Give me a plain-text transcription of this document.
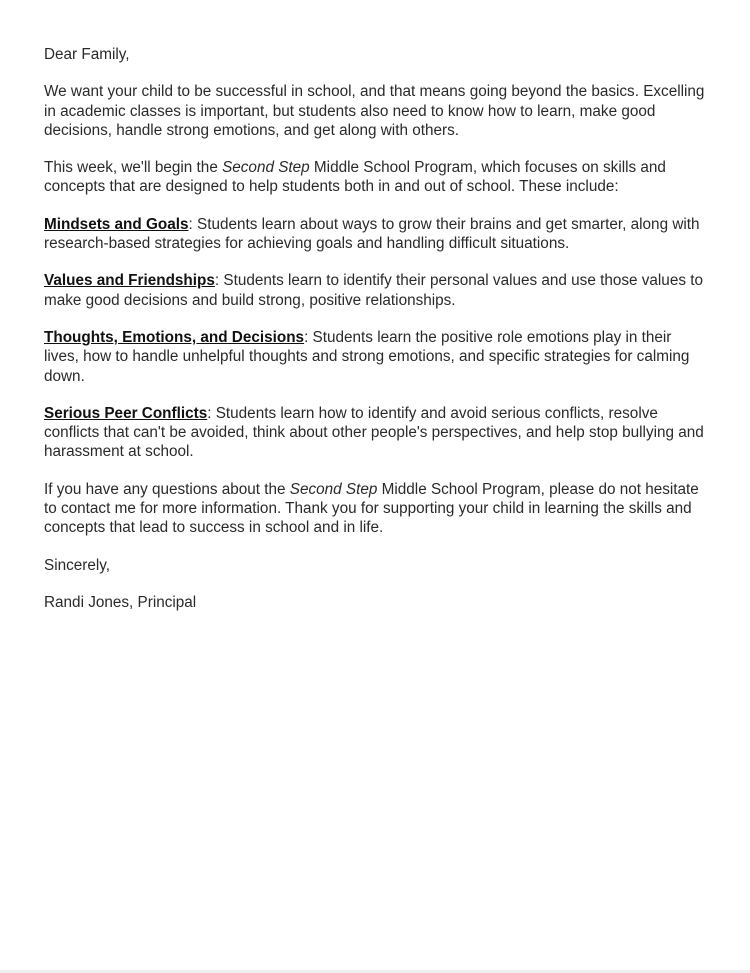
Dear Family,

We want your child to be successful in school, and that means going beyond the basics. Excelling in academic classes is important, but students also need to know how to learn, make good decisions, handle strong emotions, and get along with others.

This week, we'll begin the Second Step Middle School Program, which focuses on skills and concepts that are designed to help students both in and out of school. These include:

Mindsets and Goals: Students learn about ways to grow their brains and get smarter, along with research-based strategies for achieving goals and handling difficult situations.

Values and Friendships: Students learn to identify their personal values and use those values to make good decisions and build strong, positive relationships.

Thoughts, Emotions, and Decisions: Students learn the positive role emotions play in their lives, how to handle unhelpful thoughts and strong emotions, and specific strategies for calming down.

Serious Peer Conflicts: Students learn how to identify and avoid serious conflicts, resolve conflicts that can't be avoided, think about other people's perspectives, and help stop bullying and harassment at school.

If you have any questions about the Second Step Middle School Program, please do not hesitate to contact me for more information. Thank you for supporting your child in learning the skills and concepts that lead to success in school and in life.

Sincerely,

Randi Jones, Principal
